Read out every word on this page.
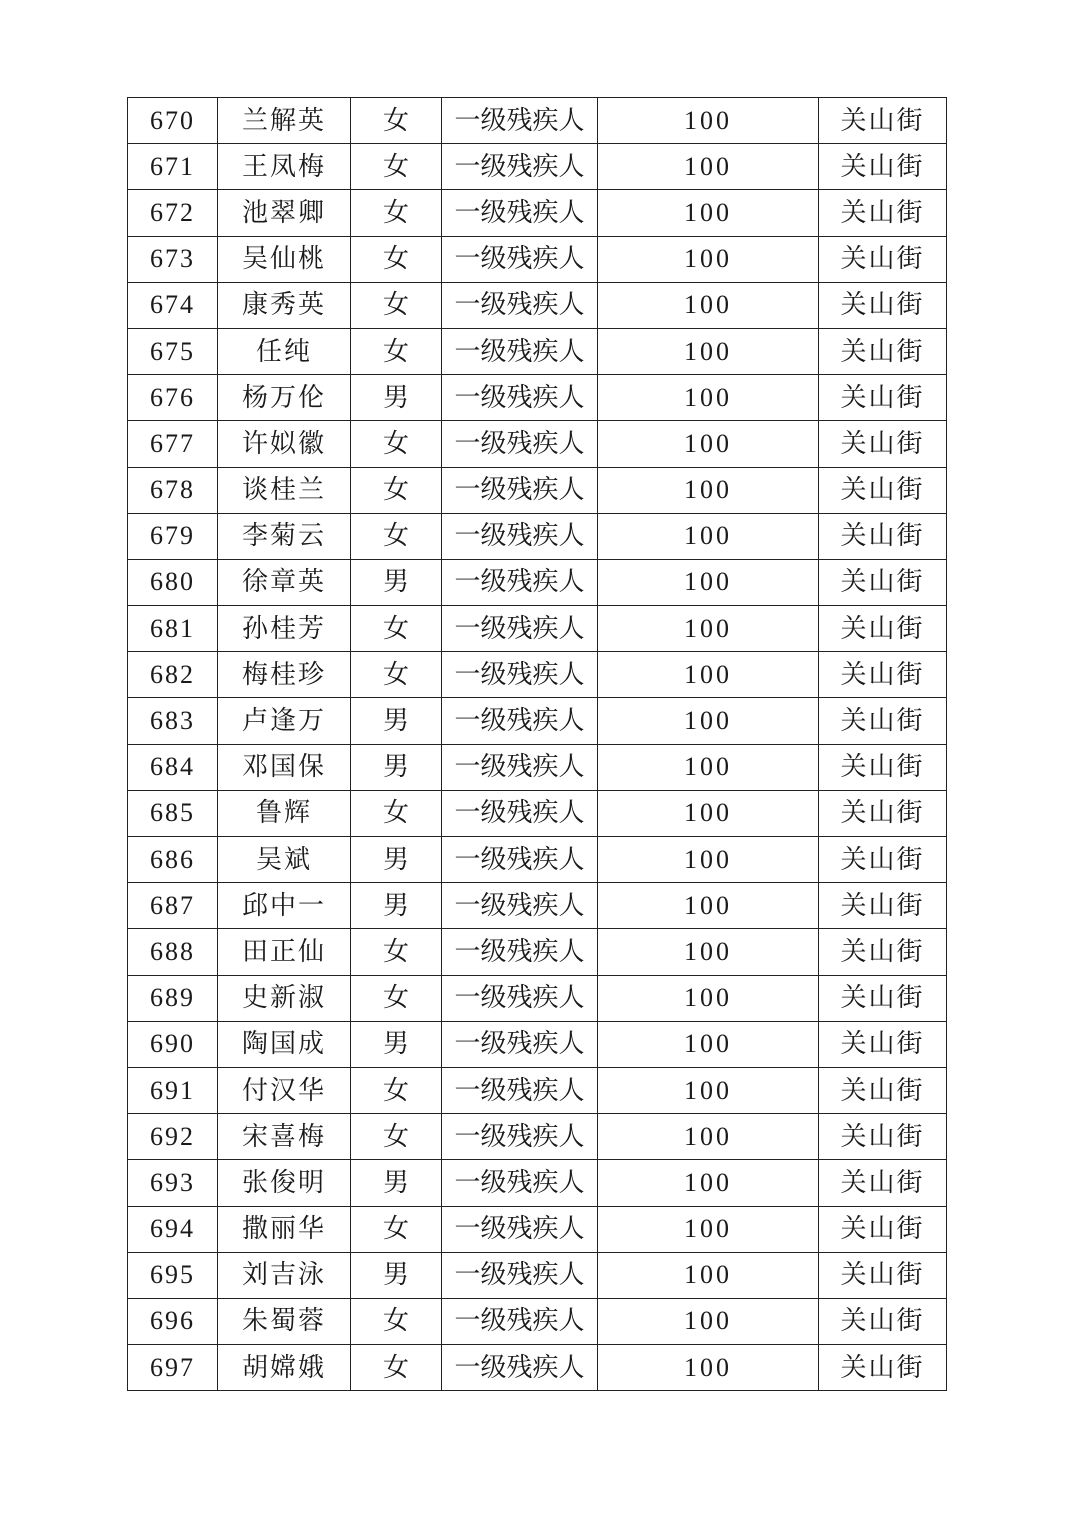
670	兰解英	女	一级残疾人	100	关山街
671	王凤梅	女	一级残疾人	100	关山街
672	池翠卿	女	一级残疾人	100	关山街
673	吴仙桃	女	一级残疾人	100	关山街
674	康秀英	女	一级残疾人	100	关山街
675	任纯	女	一级残疾人	100	关山街
676	杨万伦	男	一级残疾人	100	关山街
677	许姒徽	女	一级残疾人	100	关山街
678	谈桂兰	女	一级残疾人	100	关山街
679	李菊云	女	一级残疾人	100	关山街
680	徐章英	男	一级残疾人	100	关山街
681	孙桂芳	女	一级残疾人	100	关山街
682	梅桂珍	女	一级残疾人	100	关山街
683	卢逢万	男	一级残疾人	100	关山街
684	邓国保	男	一级残疾人	100	关山街
685	鲁辉	女	一级残疾人	100	关山街
686	吴斌	男	一级残疾人	100	关山街
687	邱中一	男	一级残疾人	100	关山街
688	田正仙	女	一级残疾人	100	关山街
689	史新淑	女	一级残疾人	100	关山街
690	陶国成	男	一级残疾人	100	关山街
691	付汉华	女	一级残疾人	100	关山街
692	宋喜梅	女	一级残疾人	100	关山街
693	张俊明	男	一级残疾人	100	关山街
694	撒丽华	女	一级残疾人	100	关山街
695	刘吉泳	男	一级残疾人	100	关山街
696	朱蜀蓉	女	一级残疾人	100	关山街
697	胡嫦娥	女	一级残疾人	100	关山街
